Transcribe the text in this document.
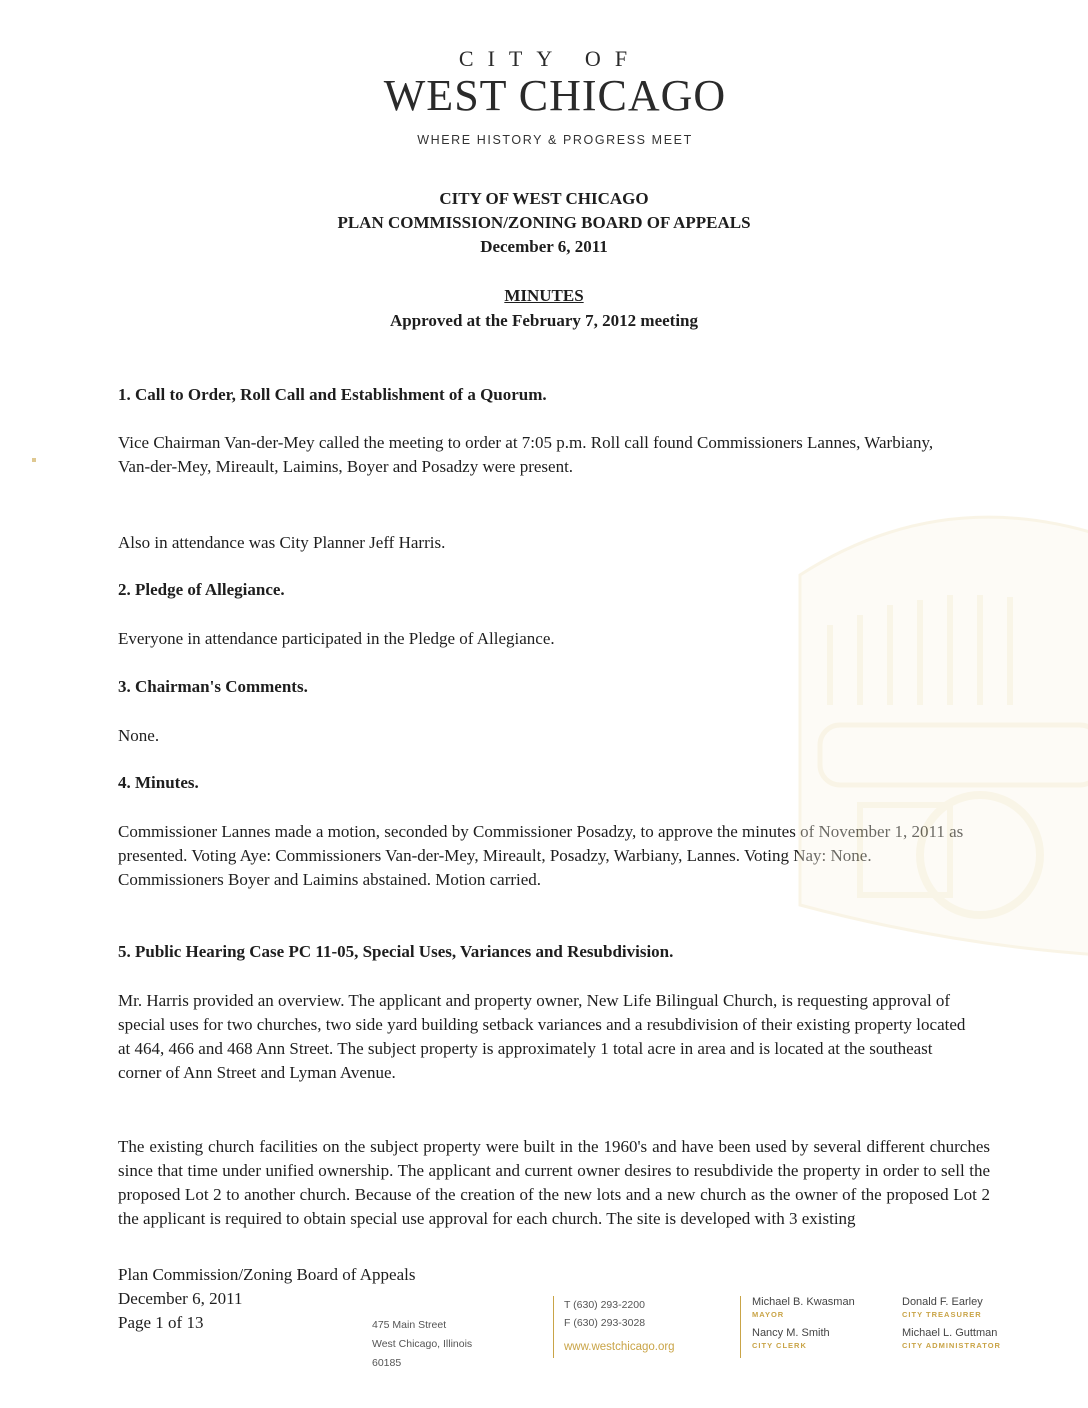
CITY OF
WEST CHICAGO
WHERE HISTORY & PROGRESS MEET
CITY OF WEST CHICAGO
PLAN COMMISSION/ZONING BOARD OF APPEALS
December 6, 2011
MINUTES
Approved at the February 7, 2012 meeting
1. Call to Order, Roll Call and Establishment of a Quorum.
Vice Chairman Van-der-Mey called the meeting to order at 7:05 p.m. Roll call found Commissioners Lannes, Warbiany, Van-der-Mey, Mireault, Laimins, Boyer and Posadzy were present.
Also in attendance was City Planner Jeff Harris.
2. Pledge of Allegiance.
Everyone in attendance participated in the Pledge of Allegiance.
3. Chairman's Comments.
None.
4. Minutes.
Commissioner Lannes made a motion, seconded by Commissioner Posadzy, to approve the minutes of November 1, 2011 as presented. Voting Aye: Commissioners Van-der-Mey, Mireault, Posadzy, Warbiany, Lannes. Voting Nay: None. Commissioners Boyer and Laimins abstained. Motion carried.
5. Public Hearing Case PC 11-05, Special Uses, Variances and Resubdivision.
Mr. Harris provided an overview. The applicant and property owner, New Life Bilingual Church, is requesting approval of special uses for two churches, two side yard building setback variances and a resubdivision of their existing property located at 464, 466 and 468 Ann Street. The subject property is approximately 1 total acre in area and is located at the southeast corner of Ann Street and Lyman Avenue.
The existing church facilities on the subject property were built in the 1960's and have been used by several different churches since that time under unified ownership. The applicant and current owner desires to resubdivide the property in order to sell the proposed Lot 2 to another church. Because of the creation of the new lots and a new church as the owner of the proposed Lot 2 the applicant is required to obtain special use approval for each church. The site is developed with 3 existing
Plan Commission/Zoning Board of Appeals
December 6, 2011
Page 1 of 13	475 Main Street
West Chicago, Illinois
60185
T (630) 293-2200
F (630) 293-3028
www.westchicago.org
Michael B. Kwasman
MAYOR
Nancy M. Smith
CITY CLERK
Donald F. Earley
CITY TREASURER
Michael L. Guttman
CITY ADMINISTRATOR
